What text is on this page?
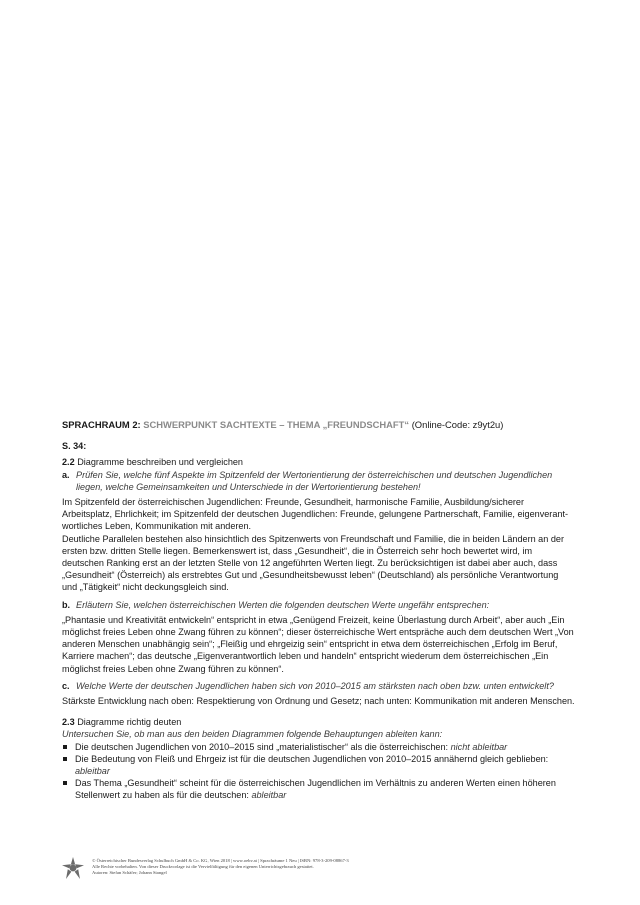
SPRACHRAUM 2: SCHWERPUNKT SACHTEXTE – THEMA „FREUNDSCHAFT“ (Online-Code: z9yt2u)
S. 34:
2.2 Diagramme beschreiben und vergleichen
a. Prüfen Sie, welche fünf Aspekte im Spitzenfeld der Wertorientierung der österreichischen und deutschen Jugendlichen liegen, welche Gemeinsamkeiten und Unterschiede in der Wertorientierung bestehen!

Im Spitzenfeld der österreichischen Jugendlichen: Freunde, Gesundheit, harmonische Familie, Ausbildung/sicherer Arbeitsplatz, Ehrlichkeit; im Spitzenfeld der deutschen Jugendlichen: Freunde, gelungene Partnerschaft, Familie, eigenverantwortliches Leben, Kommunikation mit anderen.

Deutliche Parallelen bestehen also hinsichtlich des Spitzenwerts von Freundschaft und Familie, die in beiden Ländern an der ersten bzw. dritten Stelle liegen. Bemerkenswert ist, dass „Gesundheit“, die in Österreich sehr hoch bewertet wird, im deutschen Ranking erst an der letzten Stelle von 12 angeführten Werten liegt. Zu berücksichtigen ist dabei aber auch, dass „Gesundheit“ (Österreich) als erstrebtes Gut und „Gesundheitsbewusst leben“ (Deutschland) als persönliche Verantwortung und „Tätigkeit“ nicht deckungsgleich sind.

b. Erläutern Sie, welchen österreichischen Werten die folgenden deutschen Werte ungefähr entsprechen:

„Phantasie und Kreativität entwickeln“ entspricht in etwa „Genügend Freizeit, keine Überlastung durch Arbeit“, aber auch „Ein möglichst freies Leben ohne Zwang führen zu können“; dieser österreichische Wert entspräche auch dem deutschen Wert „Von anderen Menschen unabhängig sein“; „Fleißig und ehrgeizig sein“ entspricht in etwa dem österreichischen „Erfolg im Beruf, Karriere machen“; das deutsche „Eigenverantwortlich leben und handeln“ entspricht wiederum dem österreichischen „Ein möglichst freies Leben ohne Zwang führen zu können“.

c. Welche Werte der deutschen Jugendlichen haben sich von 2010–2015 am stärksten nach oben bzw. unten entwickelt?

Stärkste Entwicklung nach oben: Respektierung von Ordnung und Gesetz; nach unten: Kommunikation mit anderen Menschen.

2.3 Diagramme richtig deuten
Untersuchen Sie, ob man aus den beiden Diagrammen folgende Behauptungen ableiten kann:
Die deutschen Jugendlichen von 2010–2015 sind „materialistischer“ als die österreichischen: nicht ableitbar
Die Bedeutung von Fleiß und Ehrgeiz ist für die deutschen Jugendlichen von 2010–2015 annähernd gleich geblieben: ableitbar
Das Thema „Gesundheit“ scheint für die österreichischen Jugendlichen im Verhältnis zu anderen Werten einen höheren Stellenwert zu haben als für die deutschen: ableitbar
© Österreichischer Bundesverlag Schulbuch GmbH & Co. KG, Wien 2018 | www.oebv.at | Sprachräume 1 Neu | ISBN: 978-3-209-08867-3
Alle Rechte vorbehalten. Von dieser Druckvorlage ist die Vervielfältigung für den eigenen Unterrichtsgebrauch gestattet.
Autoren: Stefan Schäfer; Johann Stangel
